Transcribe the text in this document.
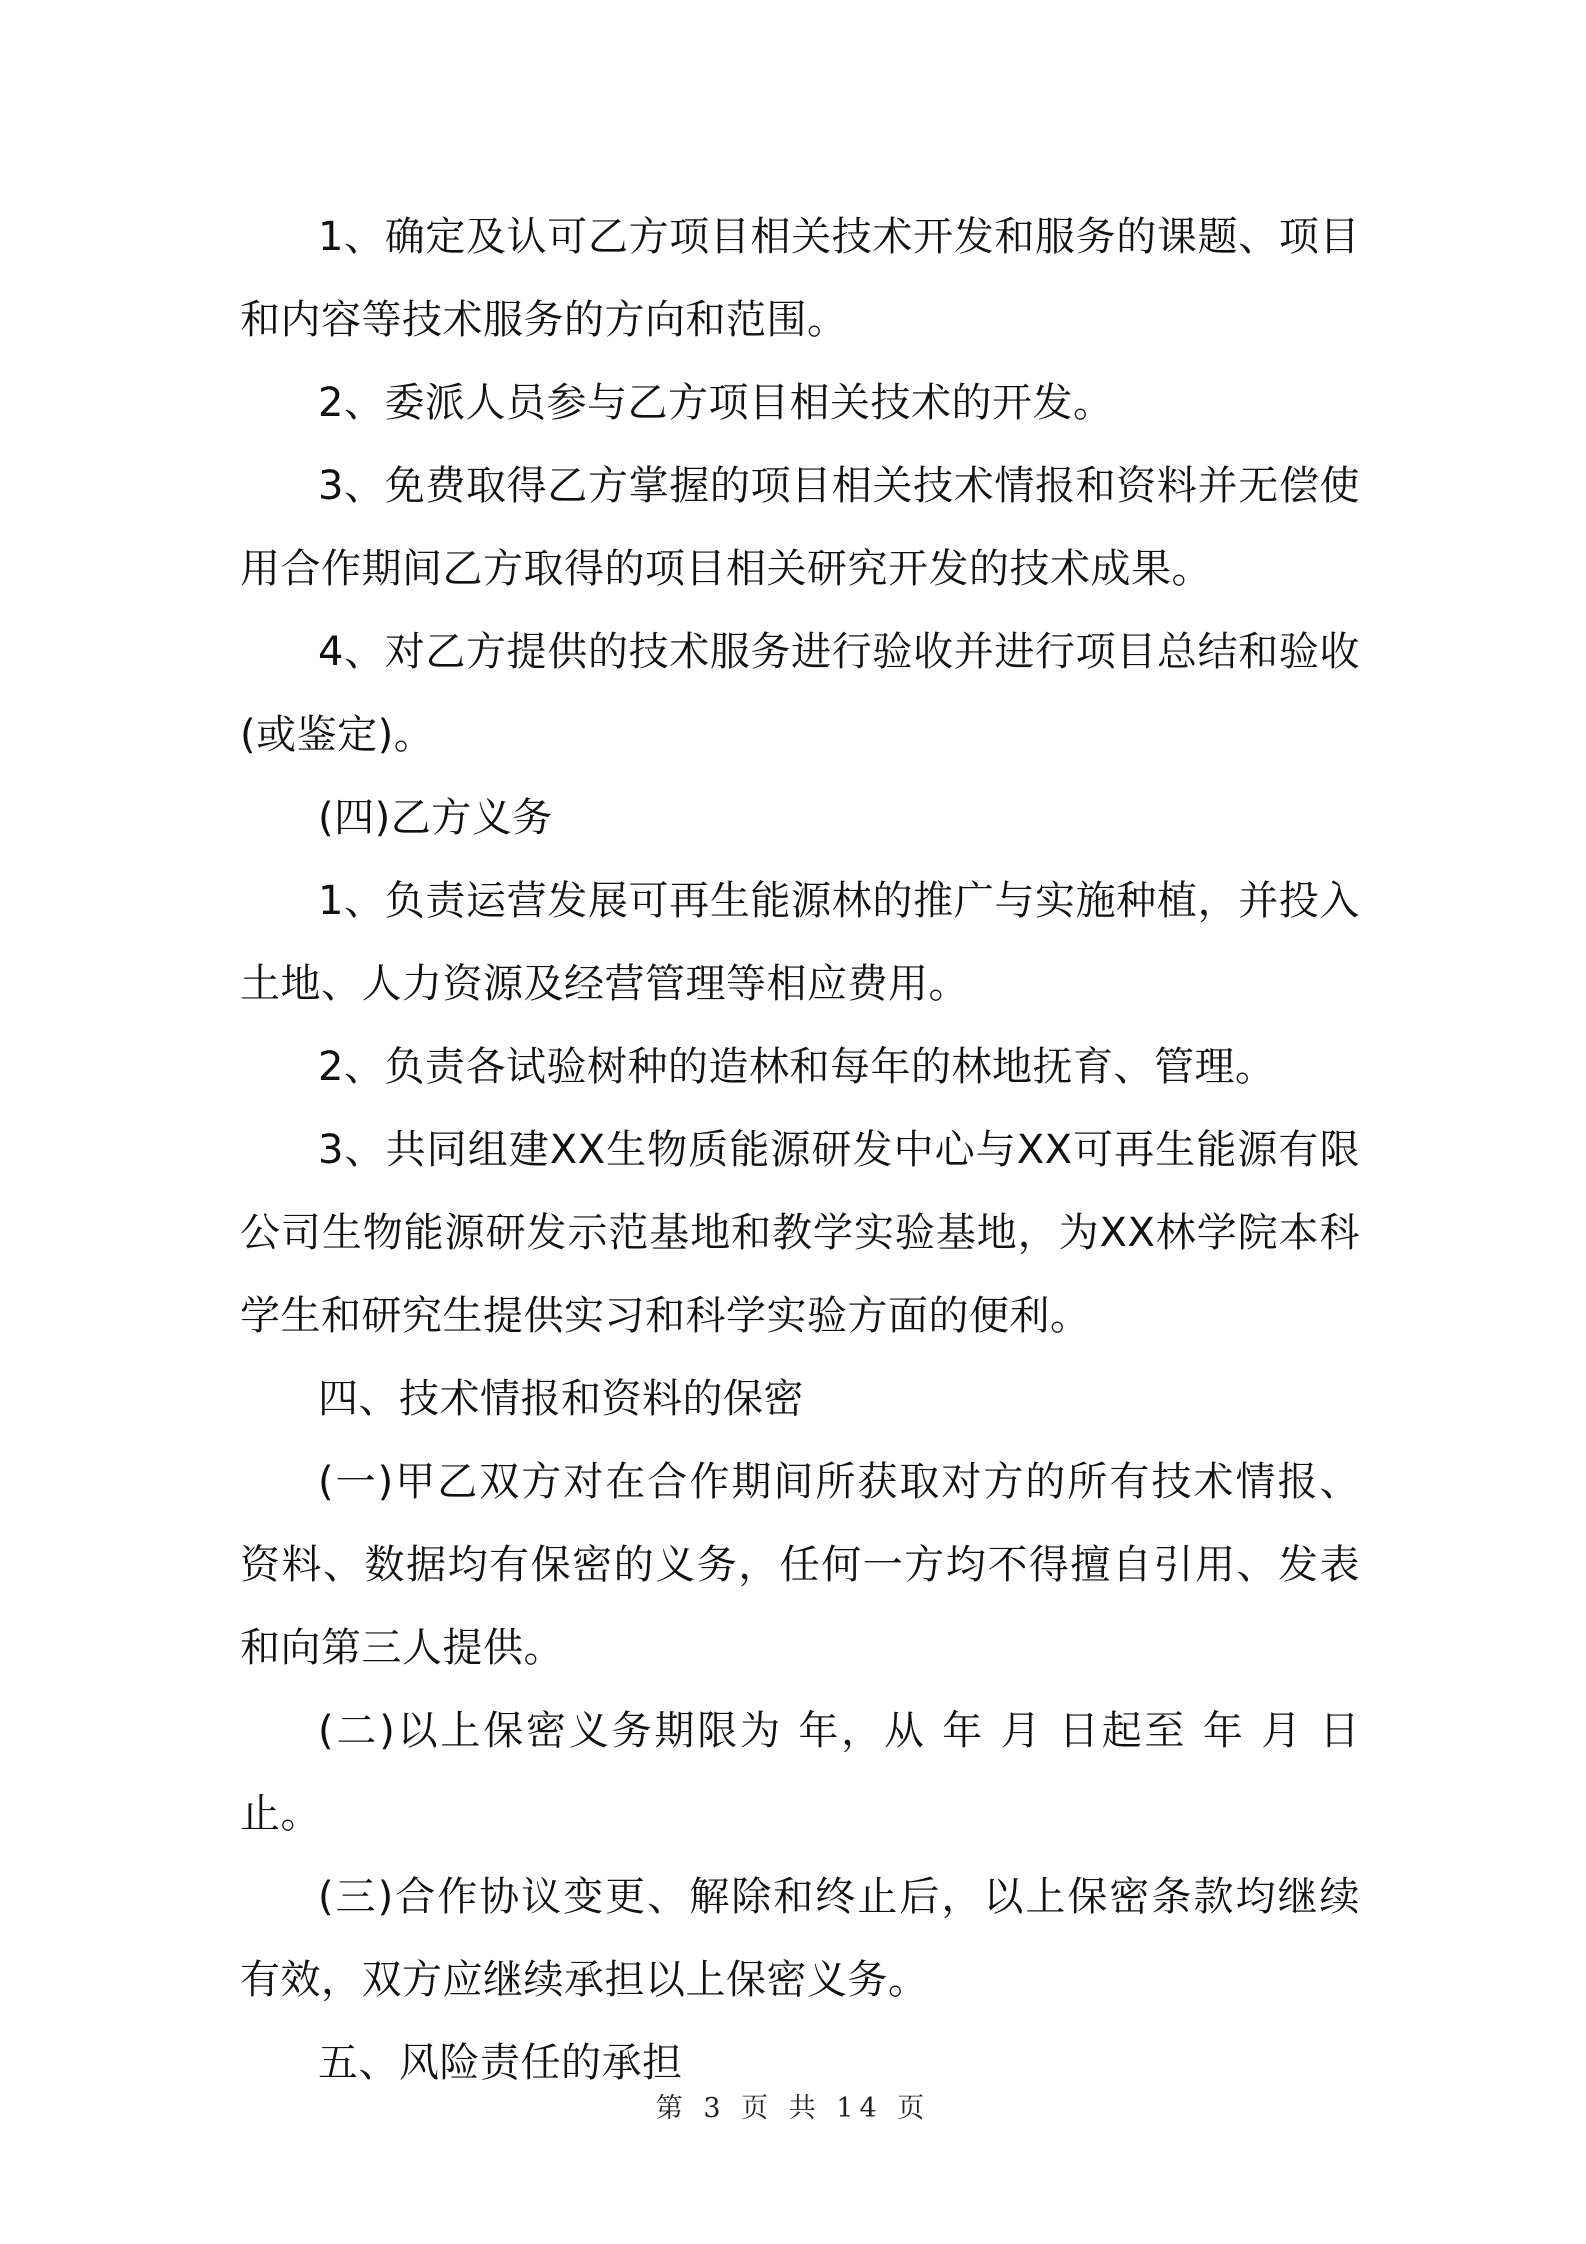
1、确定及认可乙方项目相关技术开发和服务的课题、项目和内容等技术服务的方向和范围。

2、委派人员参与乙方项目相关技术的开发。

3、免费取得乙方掌握的项目相关技术情报和资料并无偿使用合作期间乙方取得的项目相关研究开发的技术成果。

4、对乙方提供的技术服务进行验收并进行项目总结和验收(或鉴定)。

(四)乙方义务

1、负责运营发展可再生能源林的推广与实施种植，并投入土地、人力资源及经营管理等相应费用。

2、负责各试验树种的造林和每年的林地抚育、管理。

3、共同组建XX生物质能源研发中心与XX可再生能源有限公司生物能源研发示范基地和教学实验基地，为XX林学院本科学生和研究生提供实习和科学实验方面的便利。

四、技术情报和资料的保密

(一)甲乙双方对在合作期间所获取对方的所有技术情报、资料、数据均有保密的义务，任何一方均不得擅自引用、发表和向第三人提供。

(二)以上保密义务期限为 年，从 年 月 日起至 年 月 日止。

(三)合作协议变更、解除和终止后，以上保密条款均继续有效，双方应继续承担以上保密义务。

五、风险责任的承担

第 3 页 共 14 页
